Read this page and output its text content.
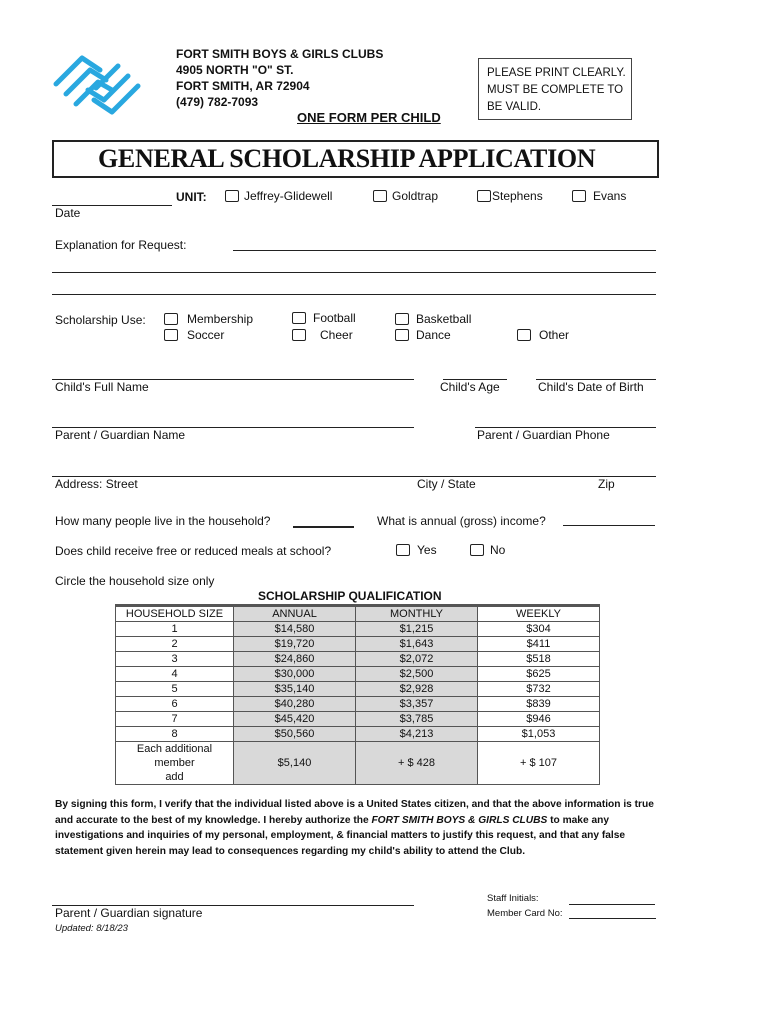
FORT SMITH BOYS & GIRLS CLUBS
4905 NORTH "O" ST.
FORT SMITH, AR 72904
(479) 782-7093
ONE FORM PER CHILD
PLEASE PRINT CLEARLY.
MUST BE COMPLETE TO
BE VALID.
GENERAL SCHOLARSHIP APPLICATION
Date
UNIT:	Jeffrey-Glidewell	Goldtrap	Stephens	Evans
Explanation for Request:
Scholarship Use:	Membership
Soccer
Football
Cheer
Basketball
Dance	Other
Child's Full Name	Child's Age	Child's Date of Birth
Parent / Guardian Name	Parent / Guardian Phone
Address: Street	City / State	Zip
How many people live in the household?	What is annual (gross) income?
Does child receive free or reduced meals at school?	Yes	No
Circle the household size only
SCHOLARSHIP QUALIFICATION
HOUSEHOLD SIZE	ANNUAL	MONTHLY	WEEKLY
1	$14,580	$1,215	$304
2	$19,720	$1,643	$411
3	$24,860	$2,072	$518
4	$30,000	$2,500	$625
5	$35,140	$2,928	$732
6	$40,280	$3,357	$839
7	$45,420	$3,785	$946
8	$50,560	$4,213	$1,053

Each additional member
add	$5,140	+ $ 428	+ $ 107
By signing this form, I verify that the individual listed above is a United States citizen, and that the above information is true and accurate to the best of my knowledge. I hereby authorize the FORT SMITH BOYS & GIRLS CLUBS to make any investigations and inquiries of my personal, employment, & financial matters to justify this request, and that any false statement given herein may lead to consequences regarding my child's ability to attend the Club.
Parent / Guardian signature
Updated: 8/18/23
Staff Initials:
Member Card No:
